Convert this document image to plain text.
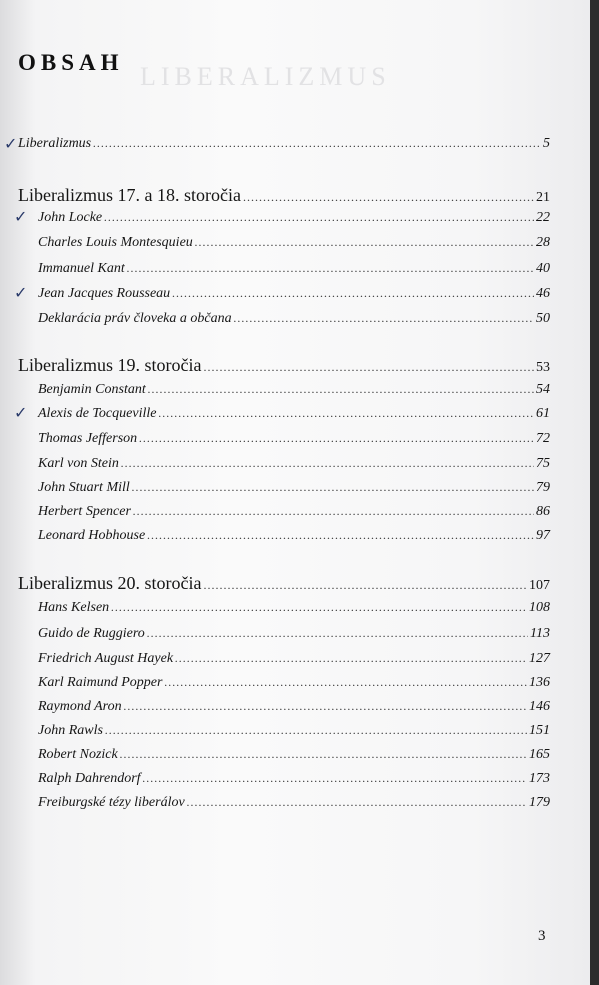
LIBERALIZMUS
OBSAH
✓ Liberalizmus .....	5
Liberalizmus 17. a 18. storočia .....	21
✓ John Locke .....	22
Charles Louis Montesquieu .....	28
Immanuel Kant .....	40
✓ Jean Jacques Rousseau .....	46
Deklarácia práv človeka a občana .....	50
Liberalizmus 19. storočia .....	53
Benjamin Constant .....	54
✓ Alexis de Tocqueville .....	61
Thomas Jefferson .....	72
Karl von Stein .....	75
John Stuart Mill .....	79
Herbert Spencer .....	86
Leonard Hobhouse .....	97
Liberalizmus 20. storočia .....	107
Hans Kelsen .....	108
Guido de Ruggiero .....	113
Friedrich August Hayek .....	127
Karl Raimund Popper .....	136
Raymond Aron .....	146
John Rawls .....	151
Robert Nozick .....	165
Ralph Dahrendorf .....	173
Freiburgské tézy liberálov .....	179
3
